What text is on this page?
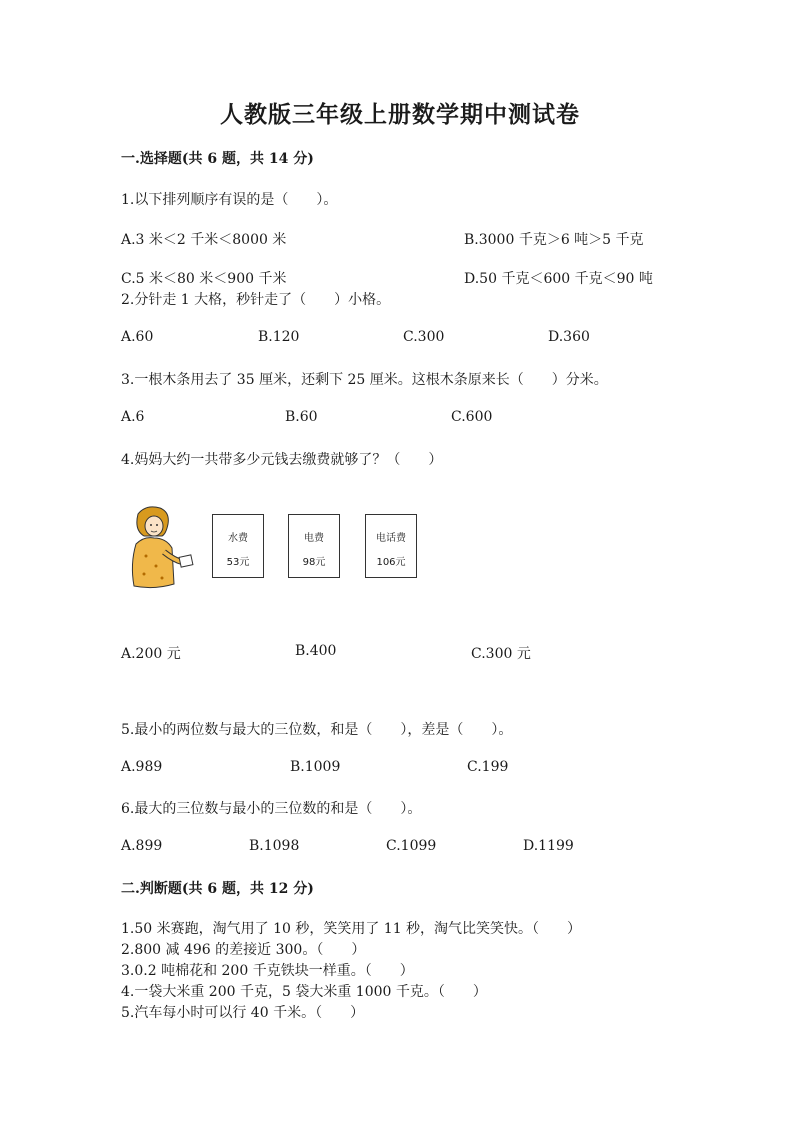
人教版三年级上册数学期中测试卷
一.选择题(共 6 题，共 14 分)
1.以下排列顺序有误的是（　　）。
A.3 米＜2 千米＜8000 米	B.3000 千克＞6 吨＞5 千克
C.5 米＜80 米＜900 千米	D.50 千克＜600 千克＜90 吨
2.分针走 1 大格，秒针走了（　　）小格。
A.60	B.120	C.300	D.360
3.一根木条用去了 35 厘米，还剩下 25 厘米。这根木条原来长（　　）分米。
A.6	B.60	C.600
4.妈妈大约一共带多少元钱去缴费就够了？（　　）
水费
53元
电费
98元
电话费
106元
A.200 元	B.400	C.300 元
5.最小的两位数与最大的三位数，和是（　　），差是（　　）。
A.989	B.1009	C.199
6.最大的三位数与最小的三位数的和是（　　）。
A.899	B.1098	C.1099	D.1199
二.判断题(共 6 题，共 12 分)
1.50 米赛跑，淘气用了 10 秒，笑笑用了 11 秒，淘气比笑笑快。（　　）
2.800 减 496 的差接近 300。（　　）
3.0.2 吨棉花和 200 千克铁块一样重。（　　）
4.一袋大米重 200 千克，5 袋大米重 1000 千克。（　　）
5.汽车每小时可以行 40 千米。（　　）
